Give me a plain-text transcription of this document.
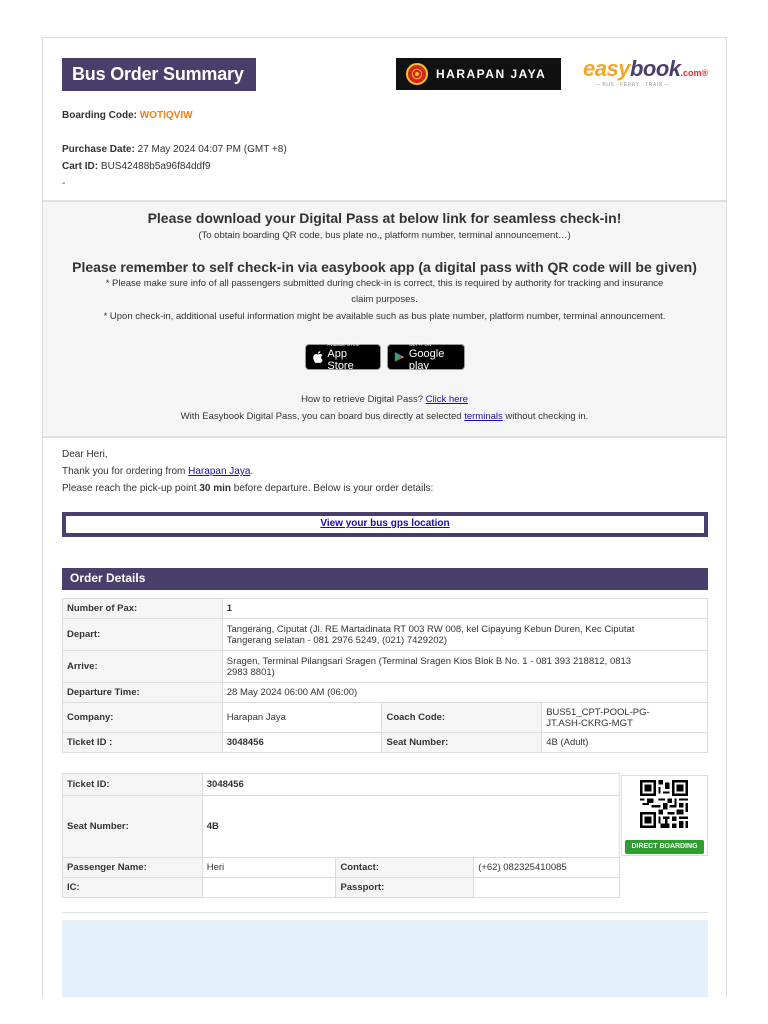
Bus Order Summary	⦿	HARAPAN JAYA easybook.com®
— BUS · FERRY · TRAIN —
Boarding Code: WOTIQVIW
Purchase Date: 27 May 2024 04:07 PM (GMT +8)
Cart ID: BUS42488b5a96f84ddf9
-
Please download your Digital Pass at below link for seamless check-in!
(To obtain boarding QR code, bus plate no., platform number, terminal announcement…)
Please remember to self check-in via easybook app (a digital pass with QR code will be given)
* Please make sure info of all passengers submitted during check-in is correct, this is required by authority for tracking and insurance
claim purposes.
* Upon check-in, additional useful information might be available such as bus plate number, platform number, terminal announcement.
How to retrieve Digital Pass? Click here
With Easybook Digital Pass, you can board bus directly at selected terminals without checking in.
Available on the
App Store
GET IT ON
Google play
Dear Heri,
Thank you for ordering from Harapan Jaya.
Please reach the pick-up point 30 min before departure. Below is your order details:
View your bus gps location
Order Details
Number of Pax:	1		
Depart:	Tangerang, Ciputat (Jl. RE Martadinata RT 003 RW 008, kel Cipayung Kebun Duren, Kec Ciputat
Tangerang selatan - 081 2976 5249, (021) 7429202)		

Arrive:	Sragen, Terminal Pilangsari Sragen (Terminal Sragen Kios Blok B No. 1 - 081 393 218812, 0813
2983 8801)		

Departure Time:	28 May 2024 06:00 AM (06:00)		
Company:	Harapan Jaya	Coach Code:	BUS51_CPT-POOL-PG-
JT.ASH-CKRG-MGT

Ticket ID :	3048456	Seat Number:	4B (Adult)
Ticket ID:	3048456		
Seat Number:	4B		
Passenger Name:	Heri	Contact:	(+62) 082325410085
IC:		Passport:	
DIRECT BOARDING
